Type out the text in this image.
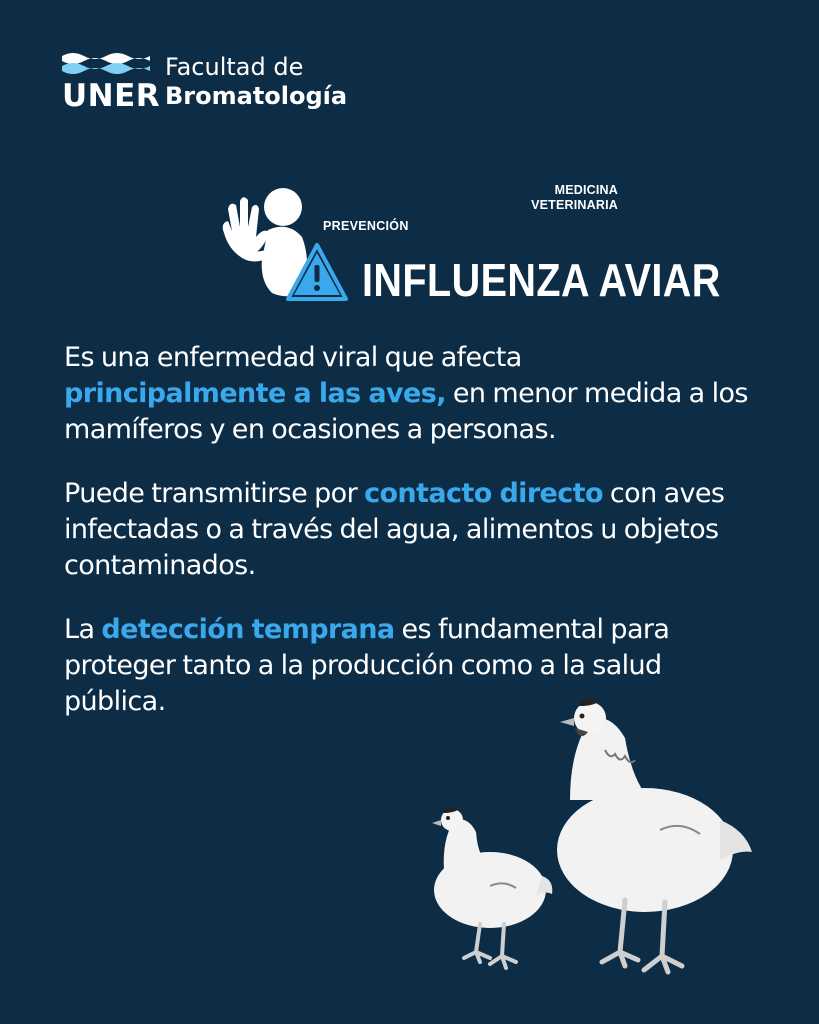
UNER
Facultad de
Bromatología
PREVENCIÓN
MEDICINA
VETERINARIA
INFLUENZA AVIAR
Es una enfermedad viral que afecta
principalmente a las aves, en menor medida a los mamíferos y en ocasiones a personas.
Puede transmitirse por contacto directo con aves infectadas o a través del agua, alimentos u objetos contaminados.
La detección temprana es fundamental para proteger tanto a la producción como a la salud pública.
